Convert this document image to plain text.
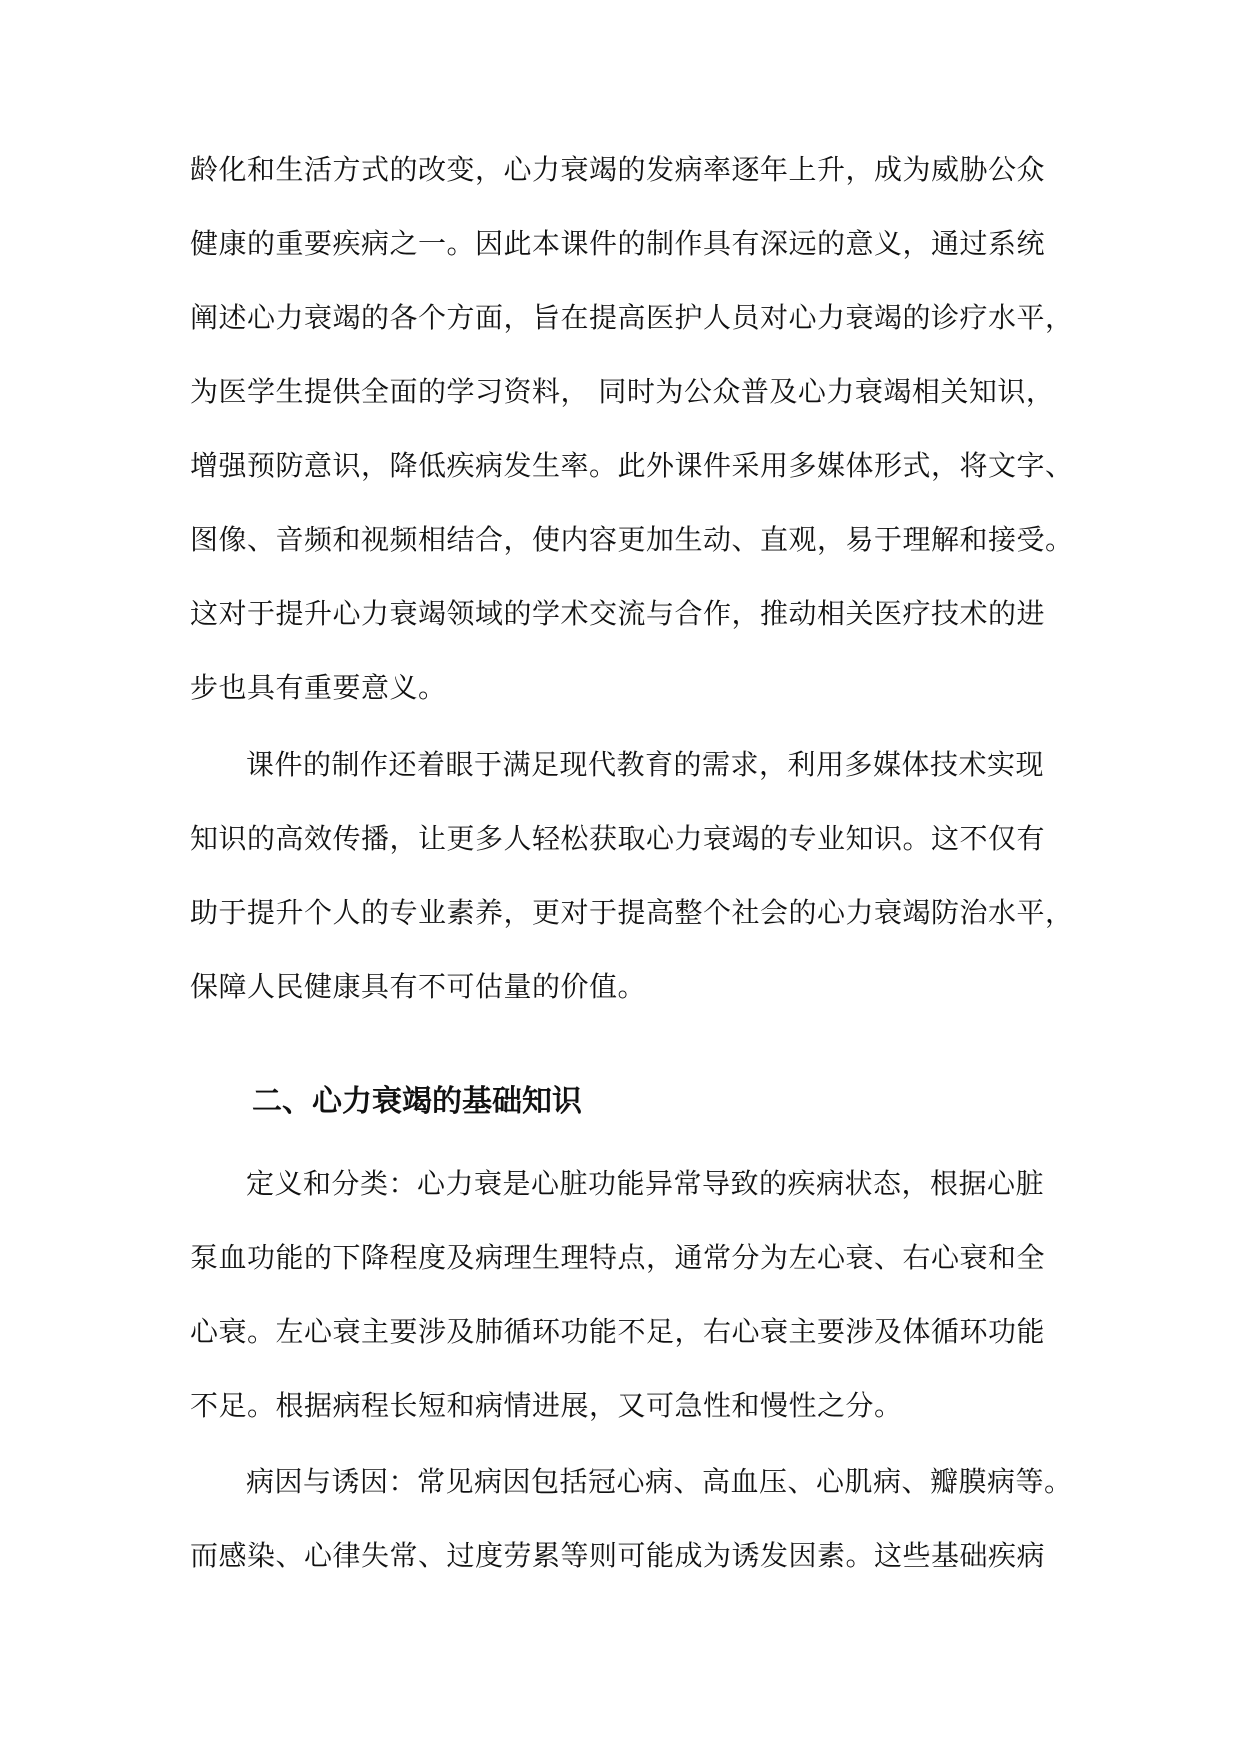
龄化和生活方式的改变，心力衰竭的发病率逐年上升，成为威胁公众
健康的重要疾病之一。因此本课件的制作具有深远的意义，通过系统
阐述心力衰竭的各个方面，旨在提高医护人员对心力衰竭的诊疗水平，
为医学生提供全面的学习资料， 同时为公众普及心力衰竭相关知识，
增强预防意识，降低疾病发生率。此外课件采用多媒体形式，将文字、
图像、音频和视频相结合，使内容更加生动、直观，易于理解和接受。
这对于提升心力衰竭领域的学术交流与合作，推动相关医疗技术的进
步也具有重要意义。
课件的制作还着眼于满足现代教育的需求，利用多媒体技术实现
知识的高效传播，让更多人轻松获取心力衰竭的专业知识。这不仅有
助于提升个人的专业素养，更对于提高整个社会的心力衰竭防治水平，
保障人民健康具有不可估量的价值。
二、心力衰竭的基础知识
定义和分类：心力衰是心脏功能异常导致的疾病状态，根据心脏
泵血功能的下降程度及病理生理特点，通常分为左心衰、右心衰和全
心衰。左心衰主要涉及肺循环功能不足，右心衰主要涉及体循环功能
不足。根据病程长短和病情进展，又可急性和慢性之分。
病因与诱因：常见病因包括冠心病、高血压、心肌病、瓣膜病等。
而感染、心律失常、过度劳累等则可能成为诱发因素。这些基础疾病
